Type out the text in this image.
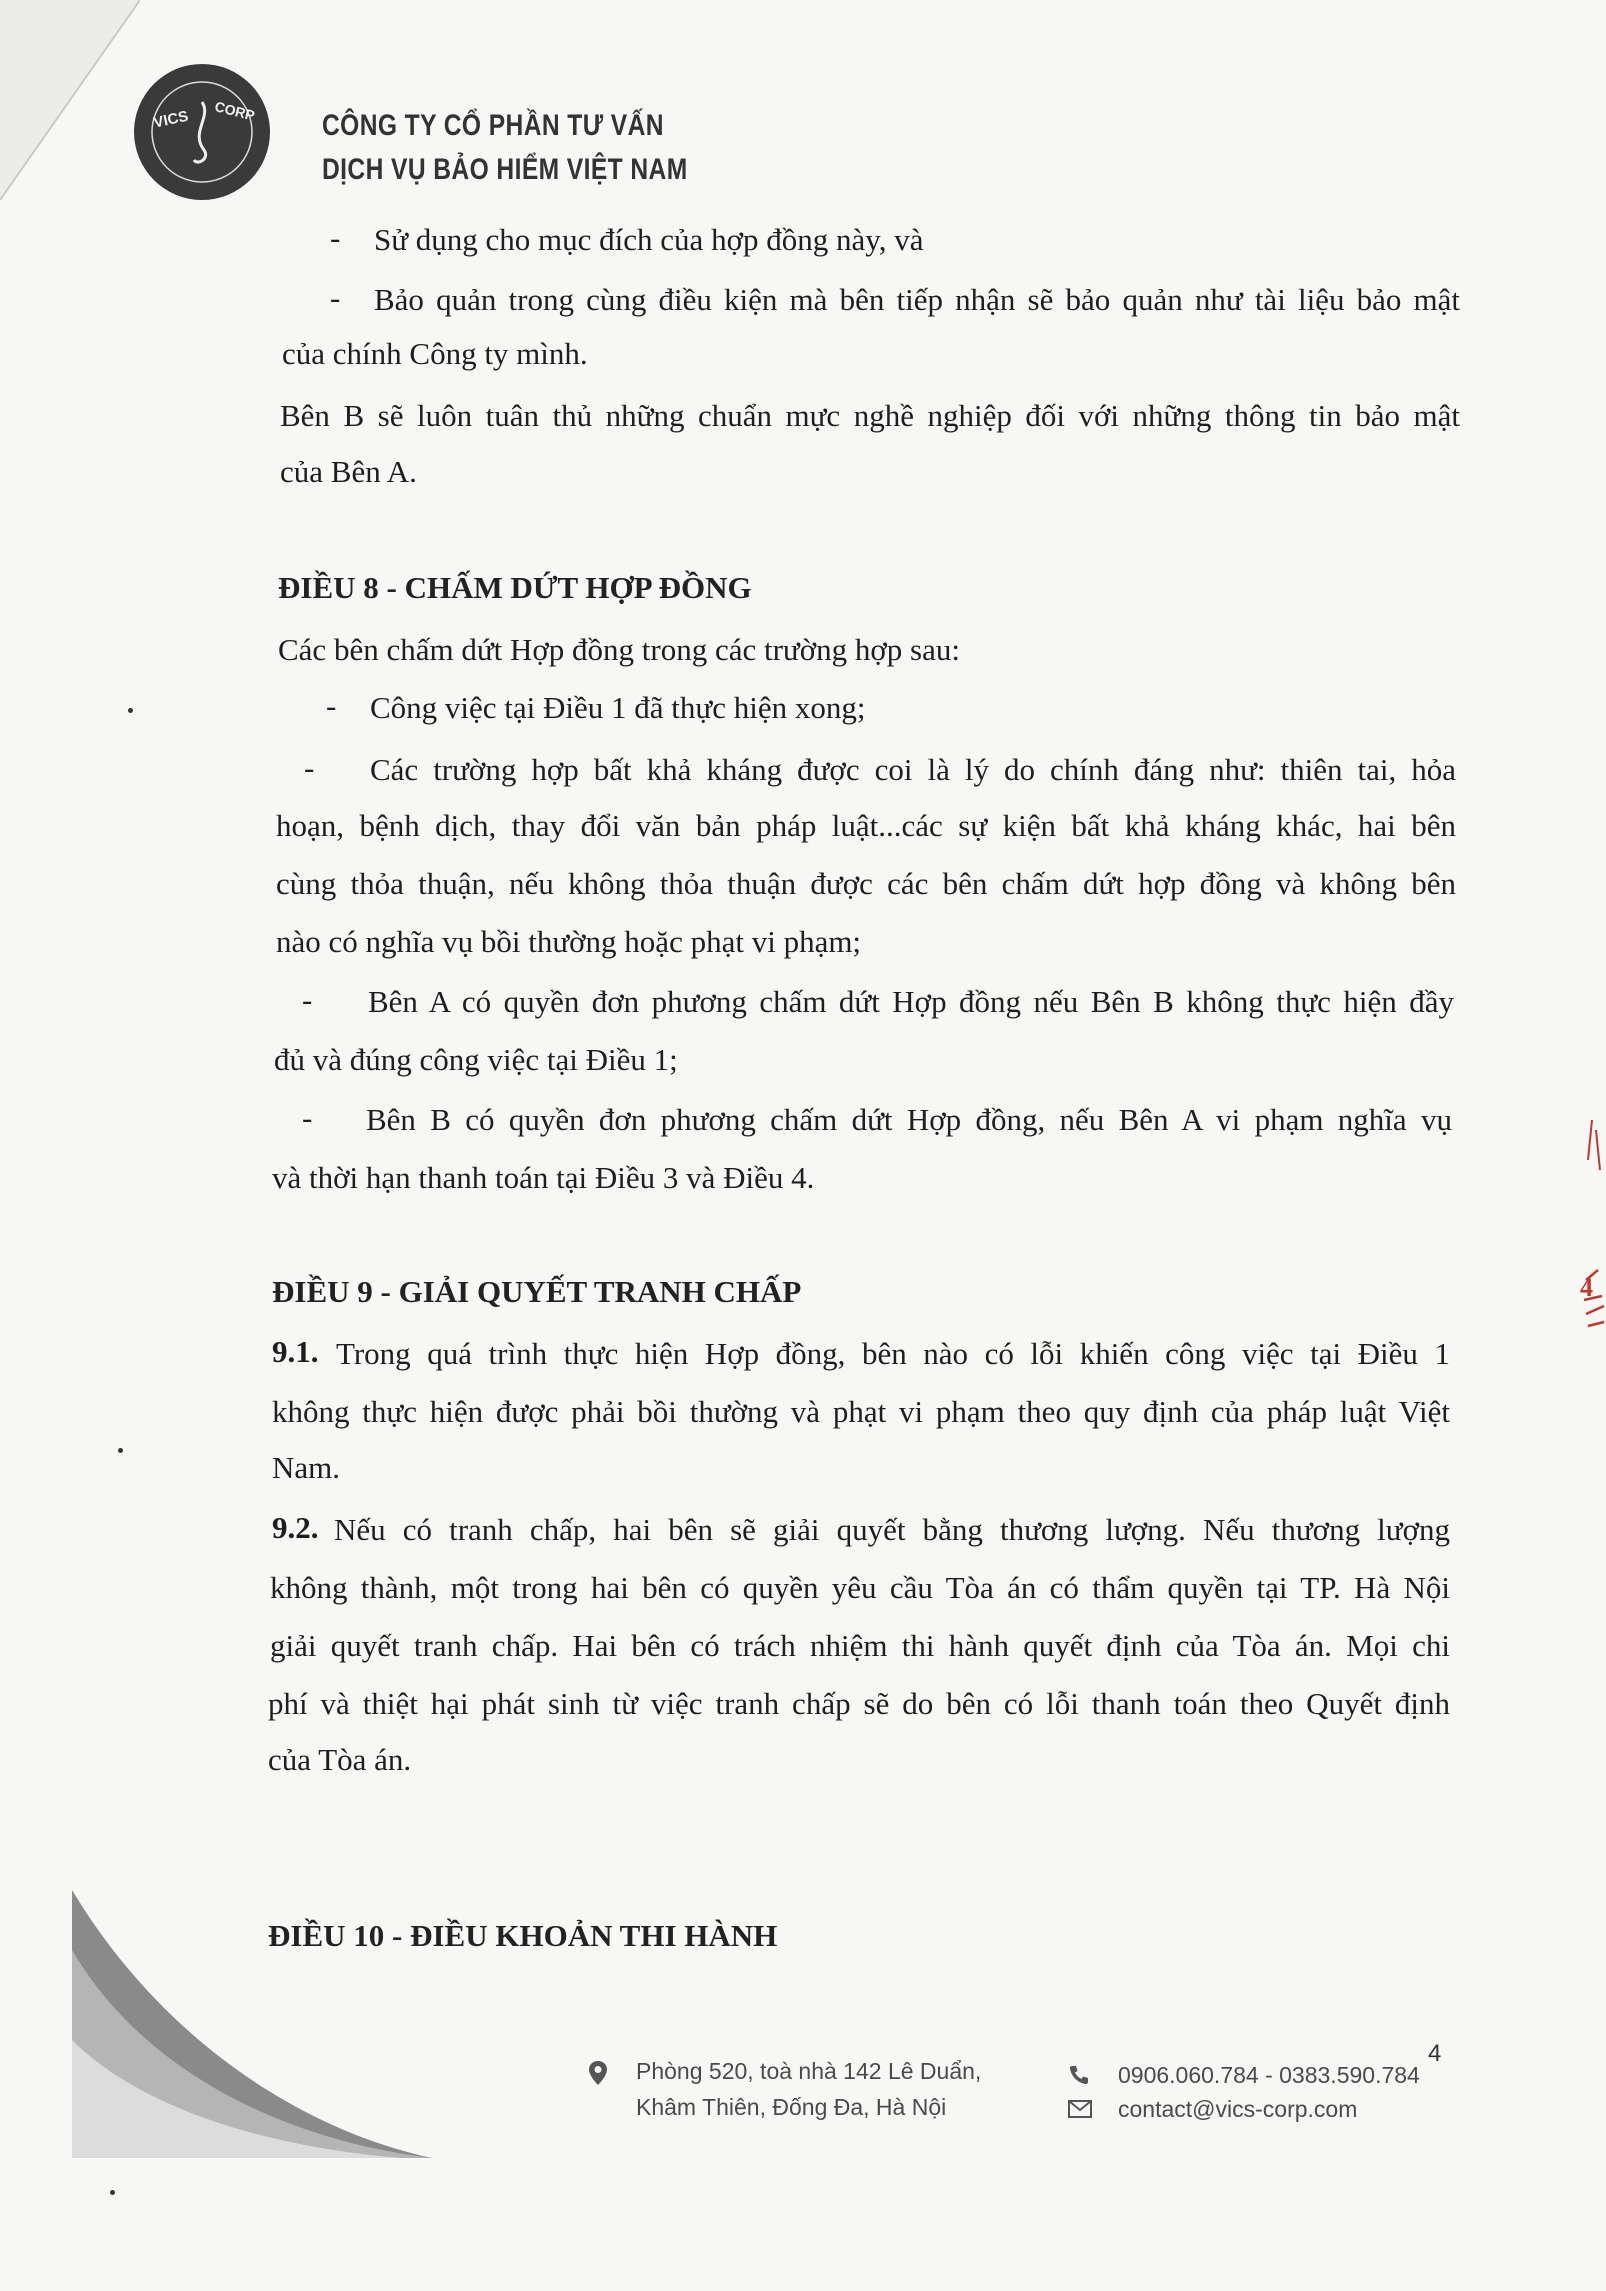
VICS CORP CÔNG TY CỔ PHẦN TƯ VẤN
DỊCH VỤ BẢO HIỂM VIỆT NAM
- Sử dụng cho mục đích của hợp đồng này, và
- Bảo quản trong cùng điều kiện mà bên tiếp nhận sẽ bảo quản như tài liệu bảo mật
của chính Công ty mình.
Bên B sẽ luôn tuân thủ những chuẩn mực nghề nghiệp đối với những thông tin bảo mật
của Bên A.
ĐIỀU 8 - CHẤM DỨT HỢP ĐỒNG
Các bên chấm dứt Hợp đồng trong các trường hợp sau:
- Công việc tại Điều 1 đã thực hiện xong;
- Các trường hợp bất khả kháng được coi là lý do chính đáng như: thiên tai, hỏa
hoạn, bệnh dịch, thay đổi văn bản pháp luật...các sự kiện bất khả kháng khác, hai bên
cùng thỏa thuận, nếu không thỏa thuận được các bên chấm dứt hợp đồng và không bên
nào có nghĩa vụ bồi thường hoặc phạt vi phạm;
- Bên A có quyền đơn phương chấm dứt Hợp đồng nếu Bên B không thực hiện đầy
đủ và đúng công việc tại Điều 1;
- Bên B có quyền đơn phương chấm dứt Hợp đồng, nếu Bên A vi phạm nghĩa vụ
và thời hạn thanh toán tại Điều 3 và Điều 4.
ĐIỀU 9 - GIẢI QUYẾT TRANH CHẤP
9.1. Trong quá trình thực hiện Hợp đồng, bên nào có lỗi khiến công việc tại Điều 1
không thực hiện được phải bồi thường và phạt vi phạm theo quy định của pháp luật Việt
Nam.
9.2. Nếu có tranh chấp, hai bên sẽ giải quyết bằng thương lượng. Nếu thương lượng
không thành, một trong hai bên có quyền yêu cầu Tòa án có thẩm quyền tại TP. Hà Nội
giải quyết tranh chấp. Hai bên có trách nhiệm thi hành quyết định của Tòa án. Mọi chi
phí và thiệt hại phát sinh từ việc tranh chấp sẽ do bên có lỗi thanh toán theo Quyết định
của Tòa án.
ĐIỀU 10 - ĐIỀU KHOẢN THI HÀNH
Phòng 520, toà nhà 142 Lê Duẩn,
Khâm Thiên, Đống Đa, Hà Nội
0906.060.784 - 0383.590.784
contact@vics-corp.com
4
4
